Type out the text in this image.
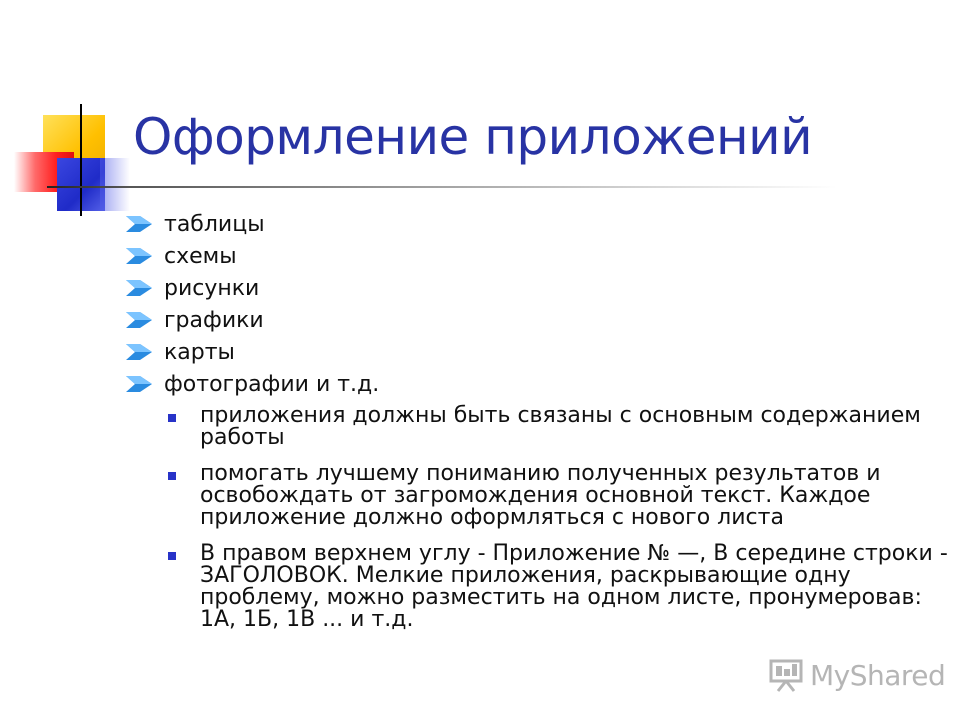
Оформление приложений
таблицы
схемы
рисунки
графики
карты
фотографии и т.д.
приложения должны быть связаны с основным содержанием работы
помогать лучшему пониманию полученных результатов и освобождать от загромождения основной текст. Каждое приложение должно оформляться с нового листа
В правом верхнем углу - Приложение № —, В середине строки - ЗАГОЛОВОК. Мелкие приложения, раскрывающие одну проблему, можно разместить на одном листе, пронумеровав: 1А, 1Б, 1В ... и т.д.
MyShared
